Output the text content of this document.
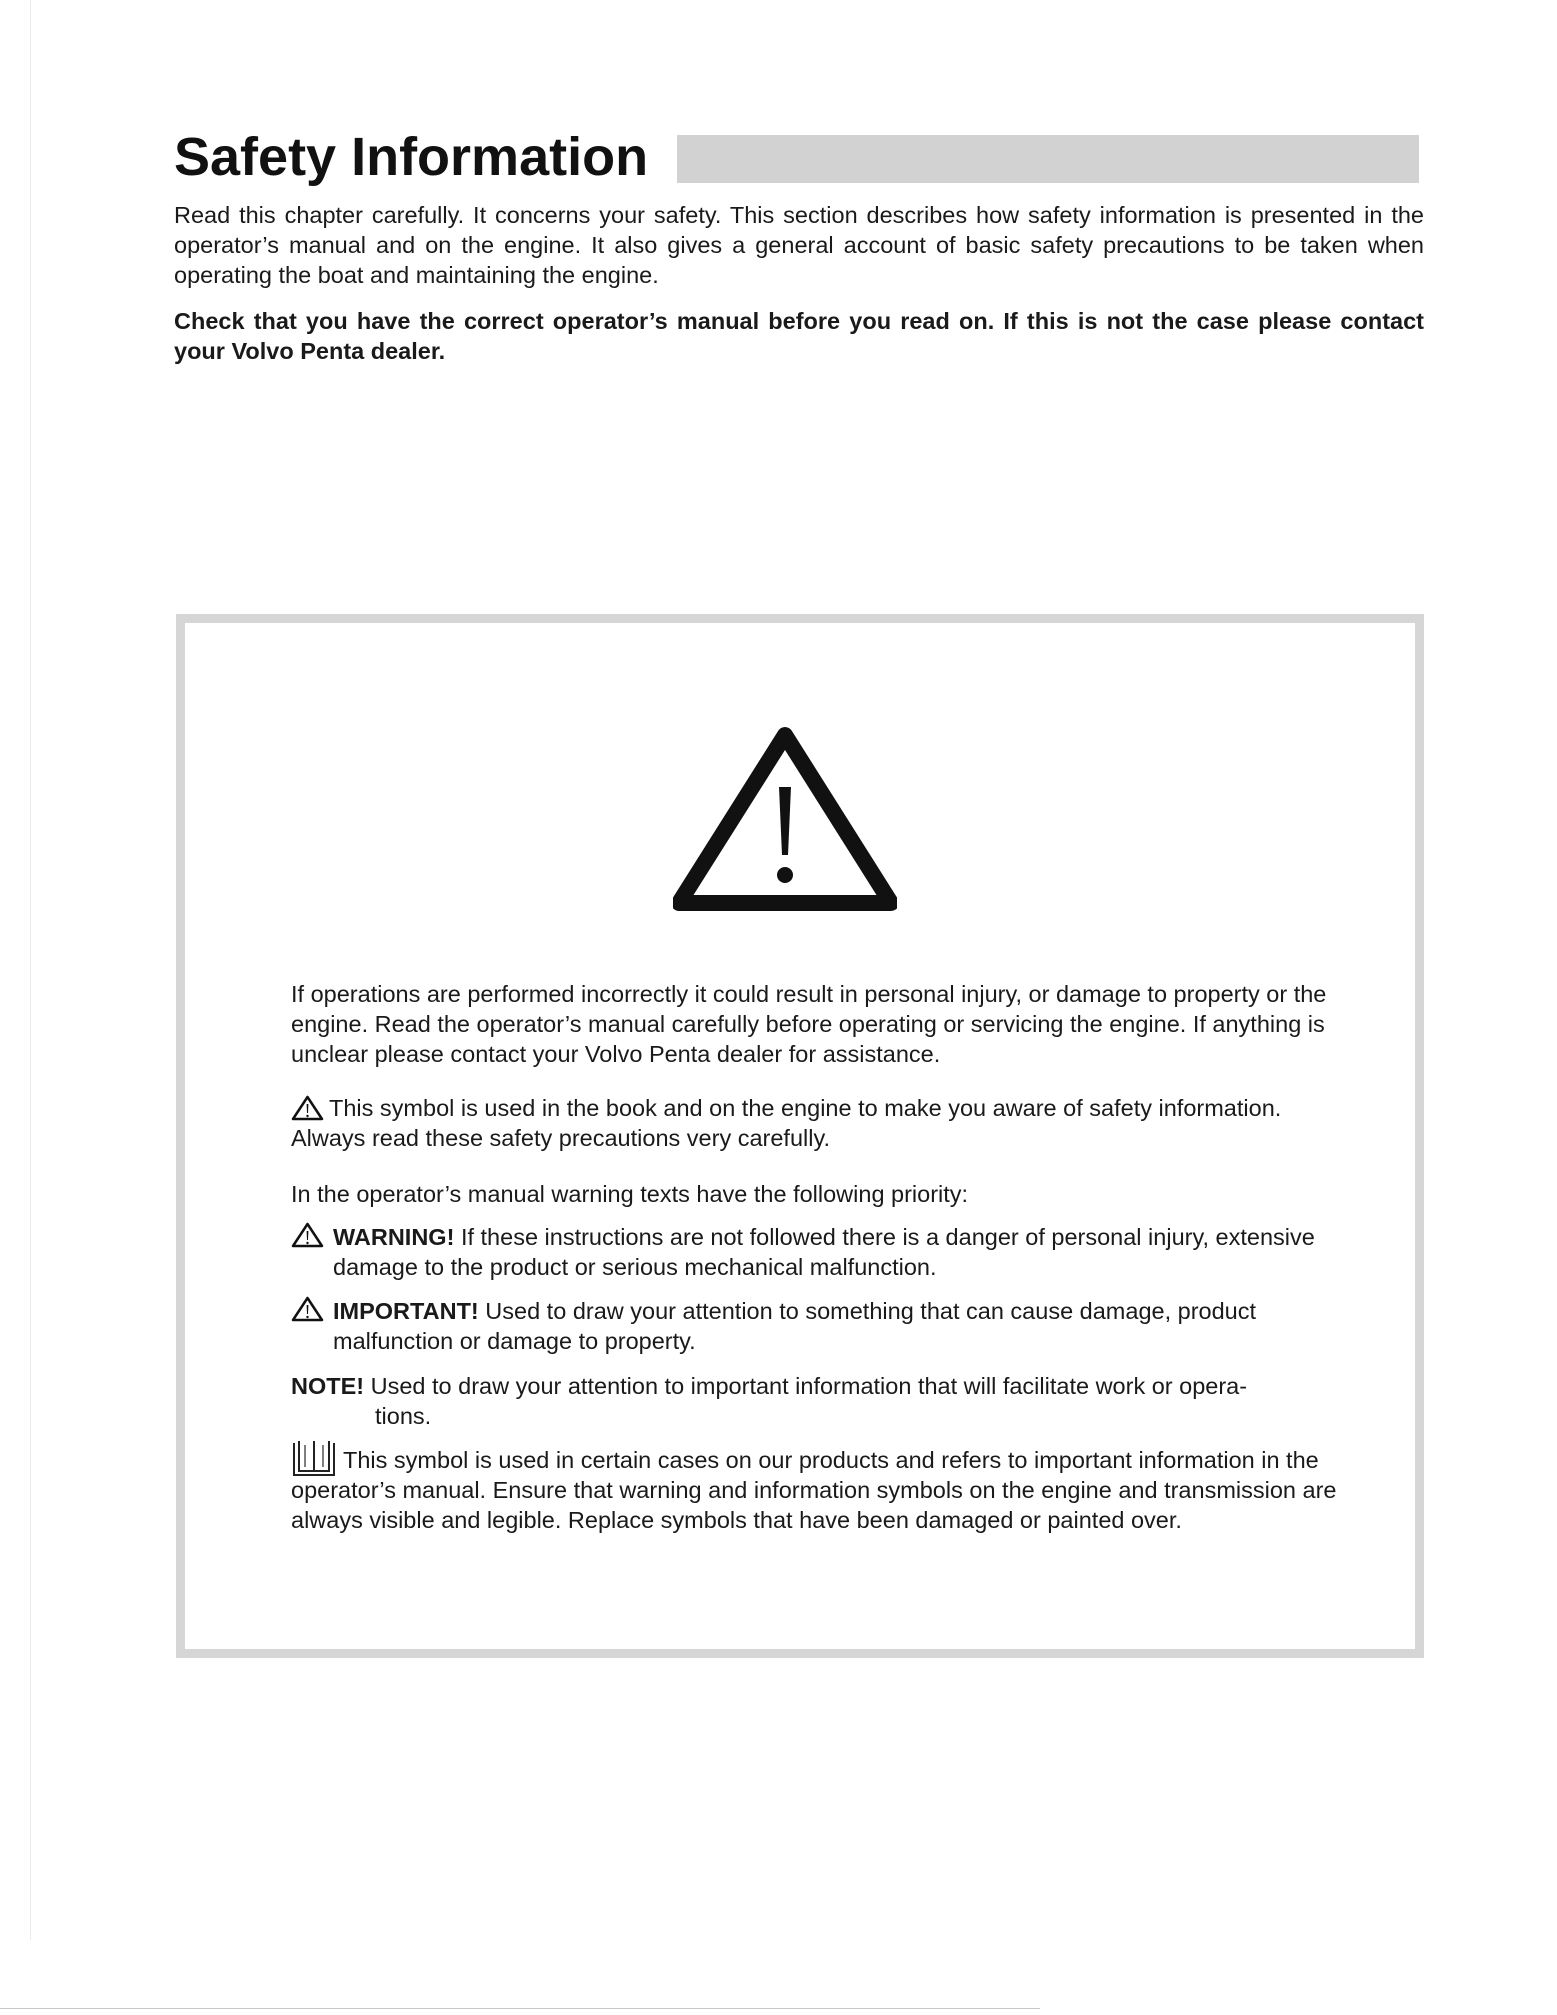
Safety Information

Read this chapter carefully. It concerns your safety. This section describes how safety information is presented in the operator’s manual and on the engine. It also gives a general account of basic safety precautions to be taken when operating the boat and maintaining the engine.

Check that you have the correct operator’s manual before you read on. If this is not the case please contact your Volvo Penta dealer.

If operations are performed incorrectly it could result in personal injury, or damage to property or the engine. Read the operator’s manual carefully before operating or servicing the engine. If anything is unclear please contact your Volvo Penta dealer for assistance.

This symbol is used in the book and on the engine to make you aware of safety information. Always read these safety precautions very carefully.

In the operator’s manual warning texts have the following priority:

WARNING! If these instructions are not followed there is a danger of personal injury, extensive damage to the product or serious mechanical malfunction.

IMPORTANT! Used to draw your attention to something that can cause damage, product malfunction or damage to property.

NOTE! Used to draw your attention to important information that will facilitate work or opera-
tions.

This symbol is used in certain cases on our products and refers to important information in the operator’s manual. Ensure that warning and information symbols on the engine and transmission are always visible and legible. Replace symbols that have been damaged or painted over.
